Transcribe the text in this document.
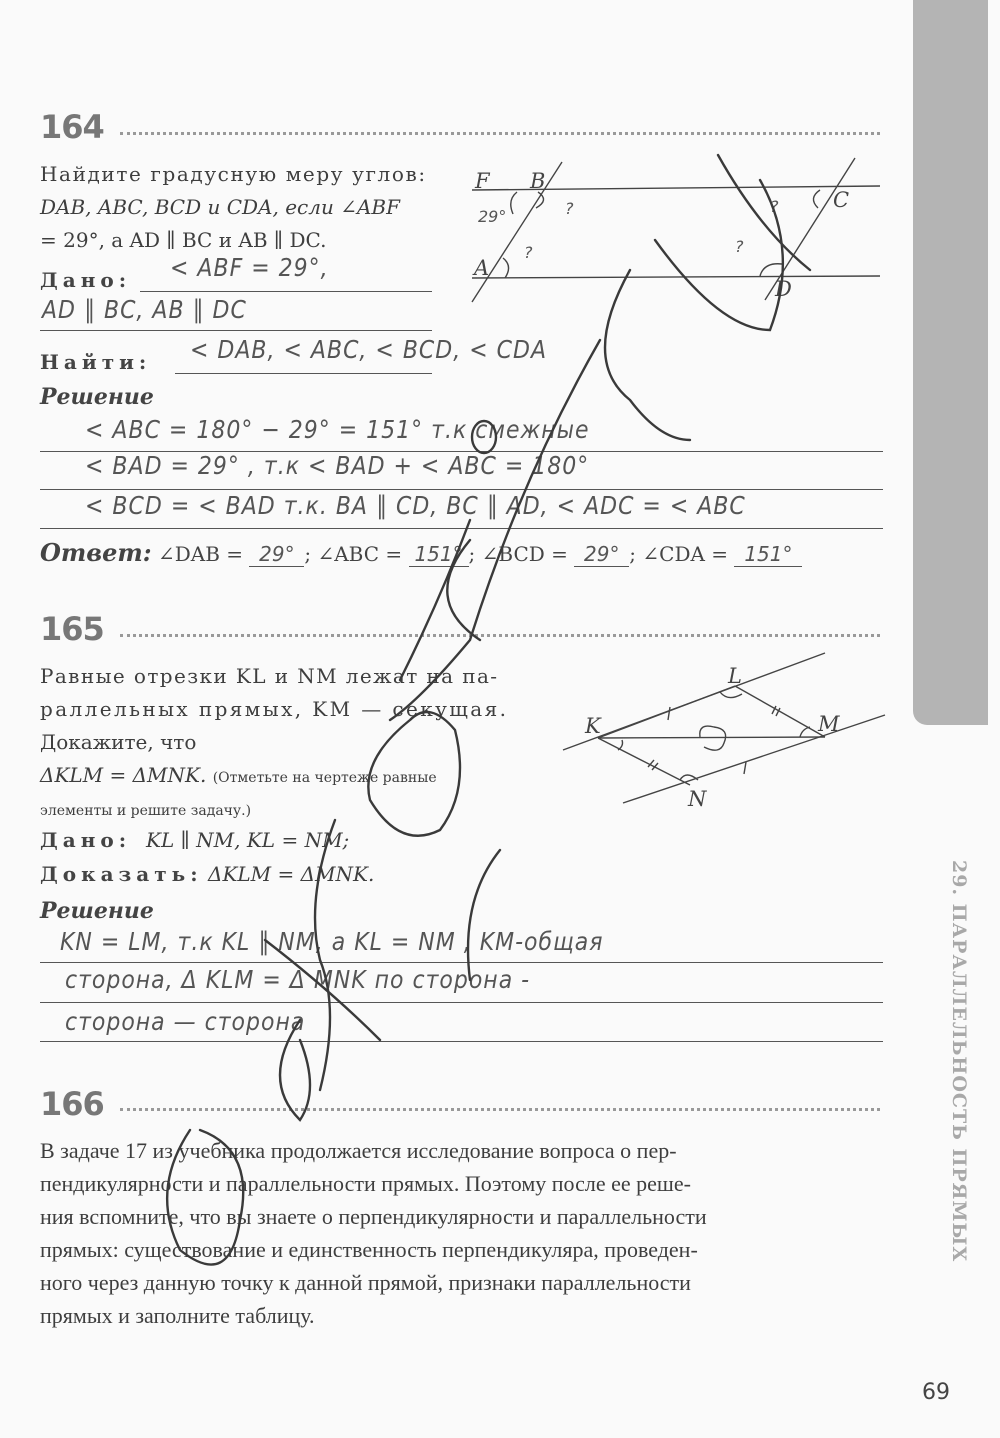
29. ПАРАЛЛЕЛЬНОСТЬ ПРЯМЫХ
69
164
Найдите градусную меру углов:
DAB, ABC, BCD и CDA, если ∠ABF
= 29°, а AD ∥ BC и AB ∥ DC.
Дано: < ABF = 29°,
AD ∥ BC, AB ∥ DC
Найти: < DAB, < ABC, < BCD, < CDA
Решение
< ABC = 180° − 29° = 151° т.к смежные
< BAD = 29° , т.к < BAD + < ABC = 180°
< BCD = < BAD т.к. BA ∥ CD, BC ∥ AD, < ADC = < ABC
Ответ: ∠DAB = 29° ; ∠ABC = 151° ; ∠BCD = 29° ; ∠CDA = 151°
F B
C
A
D
29°	?
?	?
?
165
Равные отрезки KL и NM лежат на па-
раллельных прямых, KM — секущая.
Докажите, что
ΔKLM = ΔMNK. (Отметьте на чертеже равные
элементы и решите задачу.)
Дано: KL ∥ NM, KL = NM;
Доказать: ΔKLM = ΔMNK.
Решение
KN = LM, т.к KL ∥ NM, а KL = NM , KM-общая
сторона, Δ KLM = Δ MNK по сторона -
сторона — сторона
L
K	M
N
166
В задаче 17 из учебника продолжается исследование вопроса о пер-
пендикулярности и параллельности прямых. Поэтому после ее реше-
ния вспомните, что вы знаете о перпендикулярности и параллельности
прямых: существование и единственность перпендикуляра, проведен-
ного через данную точку к данной прямой, признаки параллельности
прямых и заполните таблицу.
